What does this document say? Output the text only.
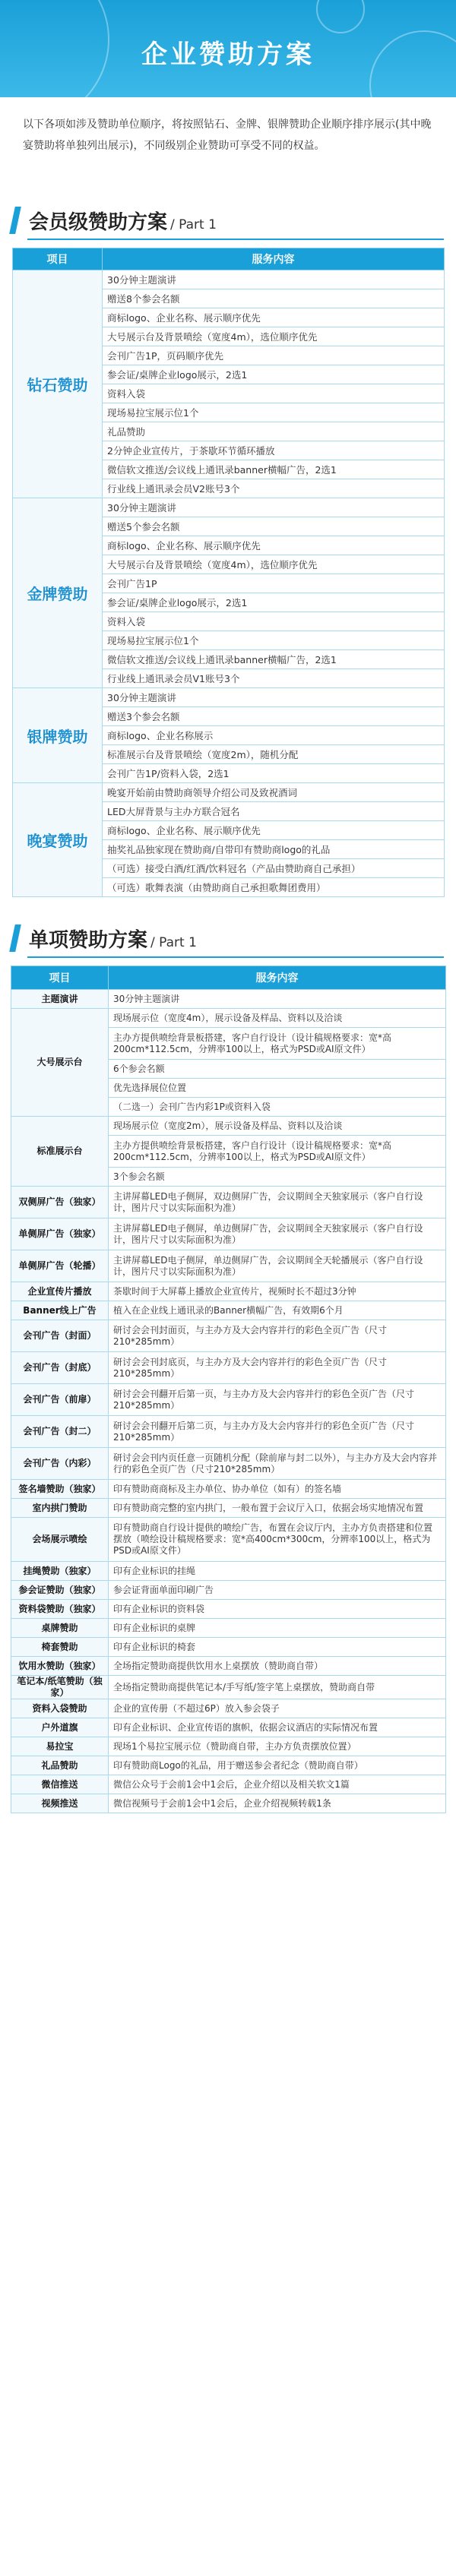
企业赞助方案
以下各项如涉及赞助单位顺序，将按照钻石、金牌、银牌赞助企业顺序排序展示(其中晚宴赞助将单独列出展示)，不同级别企业赞助可享受不同的权益。
会员级赞助方案 / Part 1
项目	服务内容
钻石赞助	30分钟主题演讲
	赠送8个参会名额
	商标logo、企业名称、展示顺序优先
	大号展示台及背景喷绘（宽度4m），选位顺序优先
	会刊广告1P，页码顺序优先
	参会证/桌牌企业logo展示，2选1
	资料入袋
	现场易拉宝展示位1个
	礼品赞助
	2分钟企业宣传片，于茶歇环节循环播放
	微信软文推送/会议线上通讯录banner横幅广告，2选1
	行业线上通讯录会员V2账号3个
金牌赞助	30分钟主题演讲
	赠送5个参会名额
	商标logo、企业名称、展示顺序优先
	大号展示台及背景喷绘（宽度4m），选位顺序优先
	会刊广告1P
	参会证/桌牌企业logo展示，2选1
	资料入袋
	现场易拉宝展示位1个
	微信软文推送/会议线上通讯录banner横幅广告，2选1
	行业线上通讯录会员V1账号3个
银牌赞助	30分钟主题演讲
	赠送3个参会名额
	商标logo、企业名称展示
	标准展示台及背景喷绘（宽度2m），随机分配
	会刊广告1P/资料入袋，2选1
晚宴赞助	晚宴开始前由赞助商领导介绍公司及致祝酒词
	LED大屏背景与主办方联合冠名
	商标logo、企业名称、展示顺序优先
	抽奖礼品独家现在赞助商/自带印有赞助商logo的礼品
	（可选）接受白酒/红酒/饮料冠名（产品由赞助商自己承担）
	（可选）歌舞表演（由赞助商自己承担歌舞团费用）
单项赞助方案 / Part 1
项目	服务内容
主题演讲	30分钟主题演讲
大号展示台	现场展示位（宽度4m），展示设备及样品、资料以及洽谈
	主办方提供喷绘背景板搭建，客户自行设计（设计稿规格要求：宽*高200cm*112.5cm，分辨率100以上，格式为PSD或AI原文件）
	6个参会名额
	优先选择展位位置
	（二选一）会刊广告内彩1P或资料入袋
标准展示台	现场展示位（宽度2m），展示设备及样品、资料以及洽谈
	主办方提供喷绘背景板搭建，客户自行设计（设计稿规格要求：宽*高200cm*112.5cm，分辨率100以上，格式为PSD或AI原文件）
	3个参会名额
双侧屏广告（独家）	主讲屏幕LED电子侧屏，双边侧屏广告，会议期间全天独家展示（客户自行设计，图片尺寸以实际面积为准）
单侧屏广告（独家）	主讲屏幕LED电子侧屏，单边侧屏广告，会议期间全天独家展示（客户自行设计，图片尺寸以实际面积为准）
单侧屏广告（轮播）	主讲屏幕LED电子侧屏，单边侧屏广告，会议期间全天轮播展示（客户自行设计，图片尺寸以实际面积为准）
企业宣传片播放	茶歇时间于大屏幕上播放企业宣传片，视频时长不超过3分钟
Banner线上广告	植入在企业线上通讯录的Banner横幅广告，有效期6个月
会刊广告（封面）	研讨会会刊封面页，与主办方及大会内容并行的彩色全页广告（尺寸210*285mm）
会刊广告（封底）	研讨会会刊封底页，与主办方及大会内容并行的彩色全页广告（尺寸210*285mm）
会刊广告（前扉）	研讨会会刊翻开后第一页，与主办方及大会内容并行的彩色全页广告（尺寸210*285mm）
会刊广告（封二）	研讨会会刊翻开后第二页，与主办方及大会内容并行的彩色全页广告（尺寸210*285mm）
会刊广告（内彩）	研讨会会刊内页任意一页随机分配（除前扉与封二以外），与主办方及大会内容并行的彩色全页广告（尺寸210*285mm）
签名墙赞助（独家）	印有赞助商商标及主办单位、协办单位（如有）的签名墙
室内拱门赞助	印有赞助商完整的室内拱门，一般布置于会议厅入口，依据会场实地情况布置
会场展示喷绘	印有赞助商自行设计提供的喷绘广告，布置在会议厅内，主办方负责搭建和位置摆放（喷绘设计稿规格要求：宽*高400cm*300cm，分辨率100以上，格式为PSD或AI原文件）
挂绳赞助（独家）	印有企业标识的挂绳
参会证赞助（独家）	参会证背面单面印刷广告
资料袋赞助（独家）	印有企业标识的资料袋
桌牌赞助	印有企业标识的桌牌
椅套赞助	印有企业标识的椅套
饮用水赞助（独家）	全场指定赞助商提供饮用水上桌摆放（赞助商自带）
笔记本/纸笔赞助（独家）	全场指定赞助商提供笔记本/手写纸/签字笔上桌摆放，赞助商自带
资料入袋赞助	企业的宣传册（不超过6P）放入参会袋子
户外道旗	印有企业标识、企业宣传语的旗帜，依据会议酒店的实际情况布置
易拉宝	现场1个易拉宝展示位（赞助商自带，主办方负责摆放位置）
礼品赞助	印有赞助商Logo的礼品，用于赠送参会者纪念（赞助商自带）
微信推送	微信公众号于会前1会中1会后，企业介绍以及相关软文1篇
视频推送	微信视频号于会前1会中1会后，企业介绍视频转载1条
